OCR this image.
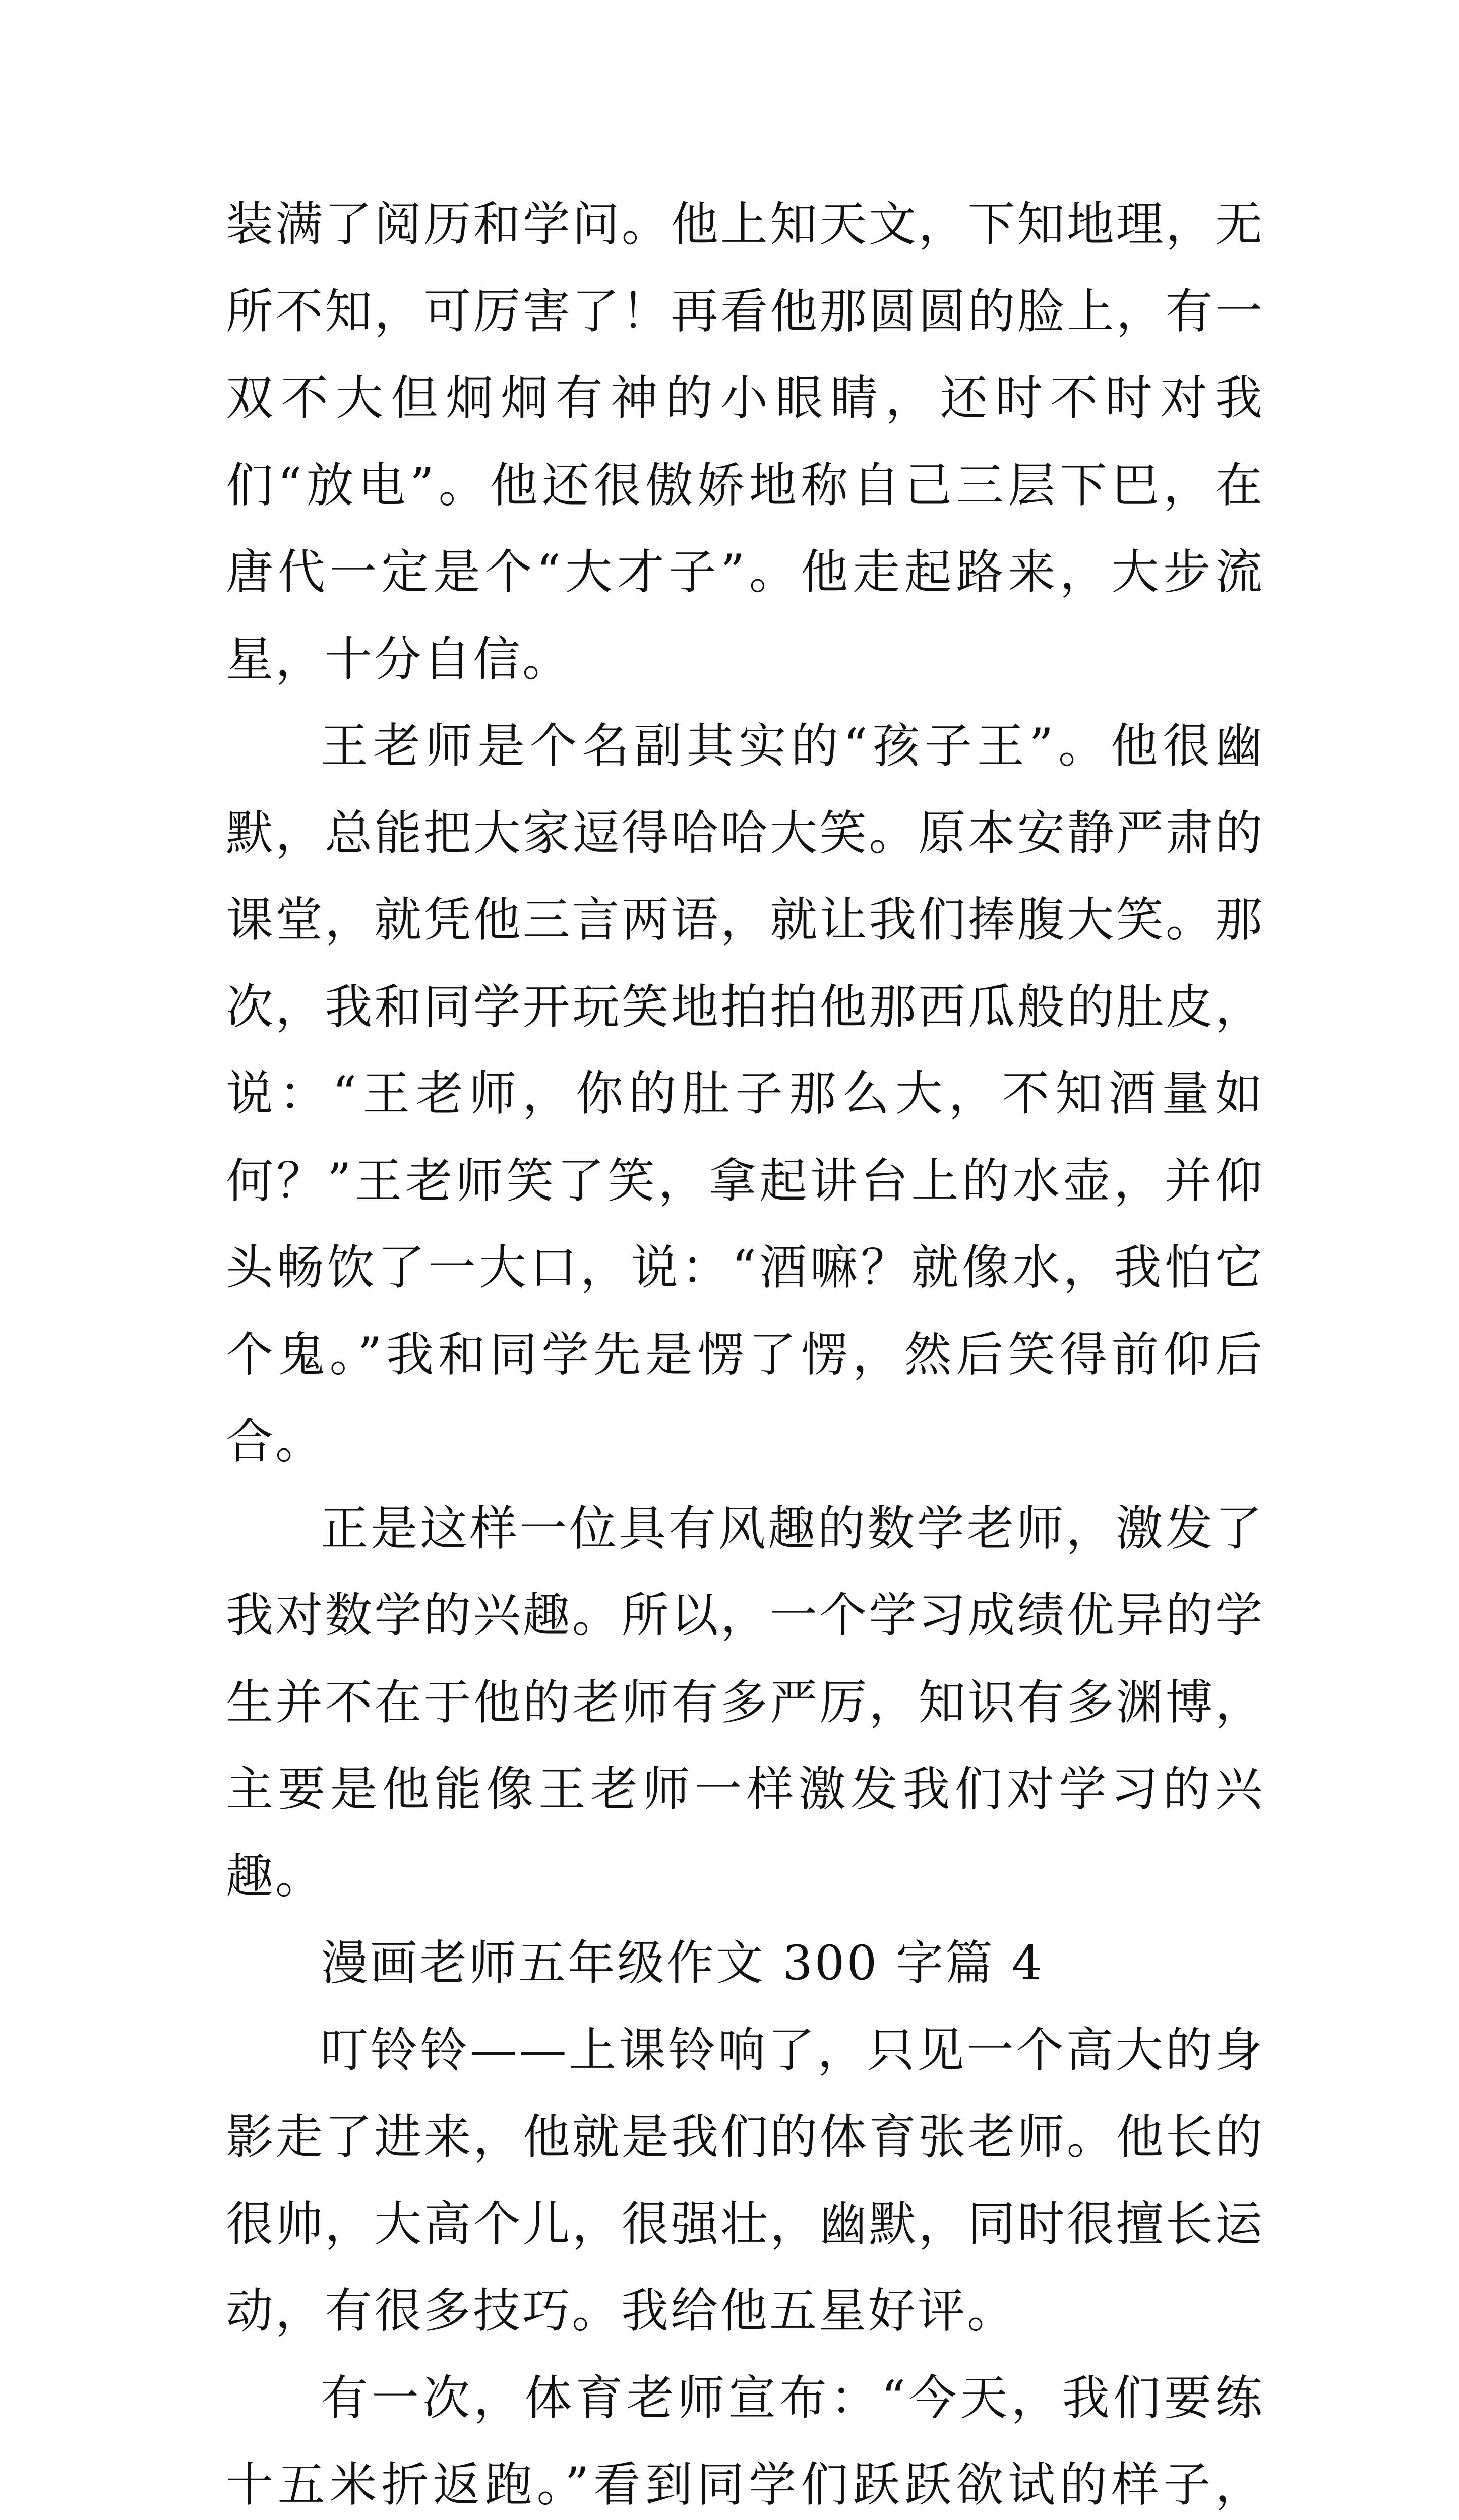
装满了阅历和学问。他上知天文，下知地理，无所不知，可厉害了！再看他那圆圆的脸上，有一双不大但炯炯有神的小眼睛，还时不时对我们“放电”。他还很傲娇地称自己三层下巴，在唐代一定是个“大才子”。他走起路来，大步流星，十分自信。

王老师是个名副其实的“孩子王”。他很幽默，总能把大家逗得哈哈大笑。原本安静严肃的课堂，就凭他三言两语，就让我们捧腹大笑。那次，我和同学开玩笑地拍拍他那西瓜般的肚皮，说：“王老师，你的肚子那么大，不知酒量如何？”王老师笑了笑，拿起讲台上的水壶，并仰头畅饮了一大口，说：“酒嘛？就像水，我怕它个鬼。”我和同学先是愣了愣，然后笑得前仰后合。

正是这样一位具有风趣的数学老师，激发了我对数学的兴趣。所以，一个学习成绩优异的学生并不在于他的老师有多严厉，知识有多渊博，主要是他能像王老师一样激发我们对学习的兴趣。

漫画老师五年级作文 300 字篇 4

叮铃铃——上课铃响了，只见一个高大的身影走了进来，他就是我们的体育张老师。他长的很帅，大高个儿，很强壮，幽默，同时很擅长运动，有很多技巧。我给他五星好评。

有一次，体育老师宣布：“今天，我们要练十五米折返跑。”看到同学们跃跃欲试的样子，
